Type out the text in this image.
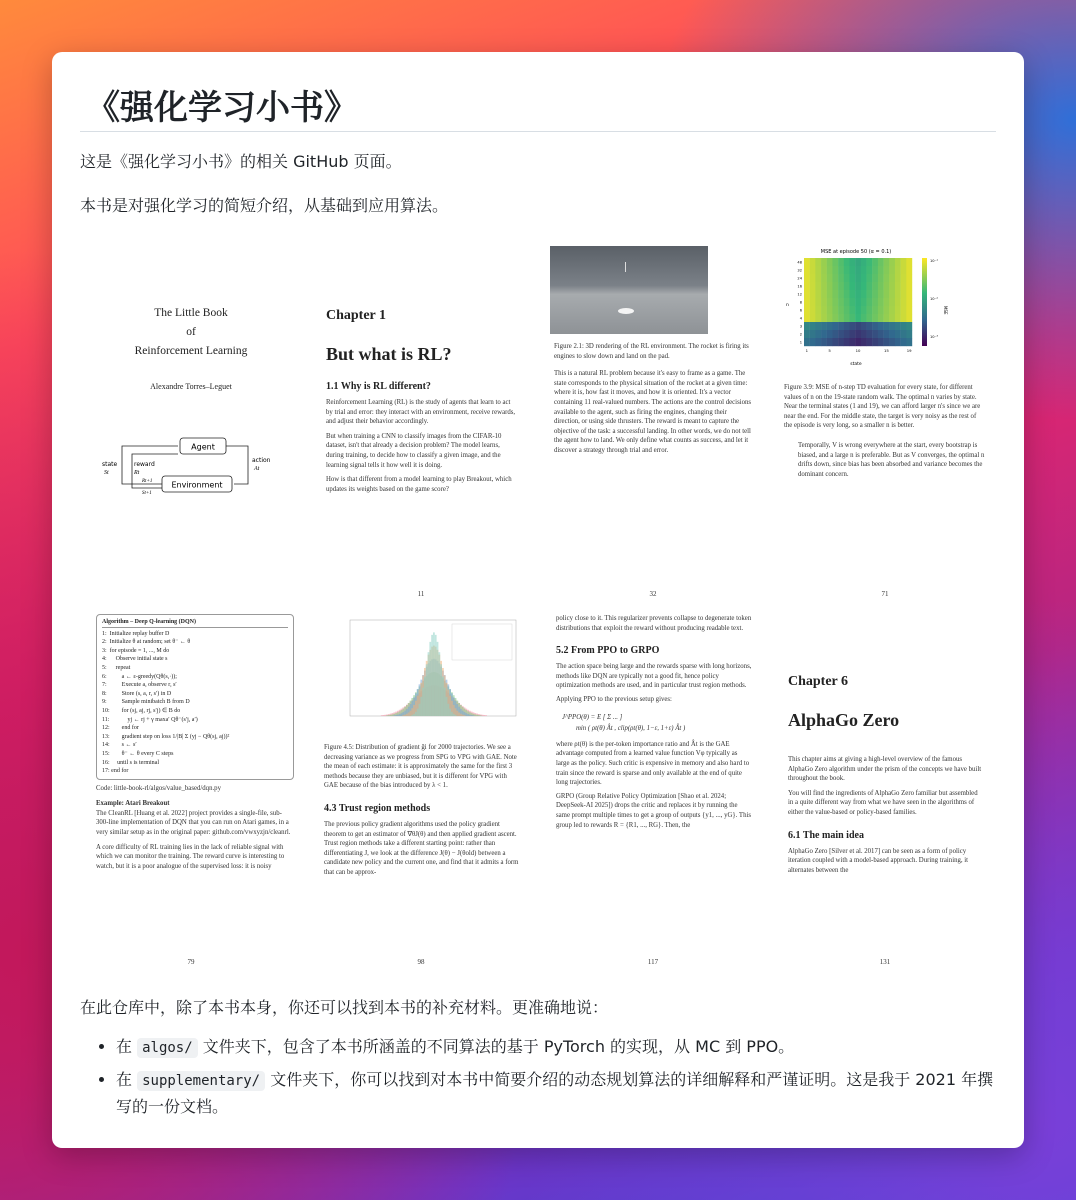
《强化学习小书》

这是《强化学习小书》的相关 GitHub 页面。

本书是对强化学习的简短介绍，从基础到应用算法。

The Little Book
of
Reinforcement Learning
Alexandre Torres–Leguet
Agent
Environment
state
St
reward
Rt
action
At
Rt+1
St+1
Chapter 1
But what is RL?
1.1 Why is RL different?

Reinforcement Learning (RL) is the study of agents that learn to act by trial and error: they interact with an environment, receive rewards, and adjust their behavior accordingly.

But when training a CNN to classify images from the CIFAR-10 dataset, isn't that already a decision problem? The model learns, during training, to decide how to classify a given image, and the learning signal tells it how well it is doing.

How is that different from a model learning to play Breakout, which updates its weights based on the game score?

11

Figure 2.1: 3D rendering of the RL environment. The rocket is firing its engines to slow down and land on the pad.

This is a natural RL problem because it's easy to frame as a game. The state corresponds to the physical situation of the rocket at a given time: where it is, how fast it moves, and how it is oriented. It's a vector containing 11 real-valued numbers. The actions are the control decisions available to the agent, such as firing the engines, changing their direction, or using side thrusters. The reward is meant to capture the objective of the task: a successful landing. In other words, we do not tell the agent how to land. We only define what counts as success, and let it discover a strategy through trial and error.

32
MSE at episode 50 (α = 0.1)
48
32
24
16
12
8
6
4
3
2
1
1	5	10	15	19
10⁻¹
10⁻²
10⁻³
MSE
state
n

Figure 3.9: MSE of n-step TD evaluation for every state, for different values of n on the 19-state random walk. The optimal n varies by state. Near the terminal states (1 and 19), we can afford larger n's since we are near the end. For the middle state, the target is very noisy as the rest of the episode is very long, so a smaller n is better.

Temporally, V is wrong everywhere at the start, every bootstrap is biased, and a large n is preferable. But as V converges, the optimal n drifts down, since bias has been absorbed and variance becomes the dominant concern.

71
Algorithm – Deep Q-learning (DQN)
1:  Initialize replay buffer D
2:  Initialize θ at random; set θ⁻ ← θ
3:  for episode = 1, ..., M do
4:      Observe initial state s
5:      repeat
6:          a ← ε-greedy(Qθ(s,·));
7:          Execute a, observe r, s′
8:          Store (s, a, r, s′) in D
9:          Sample minibatch B from D
10:        for (sj, aj, rj, s′j) ∈ B do
11:            yj ← rj + γ maxa′ Qθ⁻(s′j, a′)
12:        end for
13:        gradient step on loss 1/|B| Σ (yj − Qθ(sj, aj))²
14:        s ← s′
15:        θ⁻ ← θ every C steps
16:     until s is terminal
17: end for

Code: little-book-rl/algos/value_based/dqn.py

Example: Atari Breakout

The CleanRL [Huang et al. 2022] project provides a single-file, sub-300-line implementation of DQN that you can run on Atari games, in a very similar setup as in the original paper: github.com/vwxyzjn/cleanrl.

A core difficulty of RL training lies in the lack of reliable signal with which we can monitor the training. The reward curve is interesting to watch, but it is a poor analogue of the supervised loss: it is noisy

79

Figure 4.5: Distribution of gradient ĝi for 2000 trajectories. We see a decreasing variance as we progress from SPG to VPG with GAE. Note the mean of each estimate: it is approximately the same for the first 3 methods because they are unbiased, but it is different for VPG with GAE because of the bias introduced by λ < 1.

4.3 Trust region methods

The previous policy gradient algorithms used the policy gradient theorem to get an estimator of ∇θJ(θ) and then applied gradient ascent. Trust region methods take a different starting point: rather than differentiating J, we look at the difference J(θ) − J(θold) between a candidate new policy and the current one, and find that it admits a form that can be approx-

98

policy close to it. This regularizer prevents collapse to degenerate token distributions that exploit the reward without producing readable text.

5.2 From PPO to GRPO

The action space being large and the rewards sparse with long horizons, methods like DQN are typically not a good fit, hence policy optimization methods are used, and in particular trust region methods.

Applying PPO to the previous setup gives:

J^PPO(θ) = E [ Σ ... ]

min ( ρt(θ) Ât , clip(ρt(θ), 1−ε, 1+ε) Ât )

where ρt(θ) is the per-token importance ratio and Ât is the GAE advantage computed from a learned value function Vφ typically as large as the policy. Such critic is expensive in memory and also hard to train since the reward is sparse and only available at the end of quite long trajectories.

GRPO (Group Relative Policy Optimization [Shao et al. 2024; DeepSeek-AI 2025]) drops the critic and replaces it by running the same prompt multiple times to get a group of outputs {y1, ..., yG}. This group led to rewards R = {R1, ..., RG}. Then, the

117
Chapter 6
AlphaGo Zero

This chapter aims at giving a high-level overview of the famous AlphaGo Zero algorithm under the prism of the concepts we have built throughout the book.

You will find the ingredients of AlphaGo Zero familiar but assembled in a quite different way from what we have seen in the algorithms of either the value-based or policy-based families.

6.1 The main idea

AlphaGo Zero [Silver et al. 2017] can be seen as a form of policy iteration coupled with a model-based approach. During training, it alternates between the

131

在此仓库中，除了本书本身，你还可以找到本书的补充材料。更准确地说：

• 在 algos/ 文件夹下，包含了本书所涵盖的不同算法的基于 PyTorch 的实现，从 MC 到 PPO。
• 在 supplementary/ 文件夹下，你可以找到对本书中简要介绍的动态规划算法的详细解释和严谨证明。这是我于 2021 年撰写的一份文档。
